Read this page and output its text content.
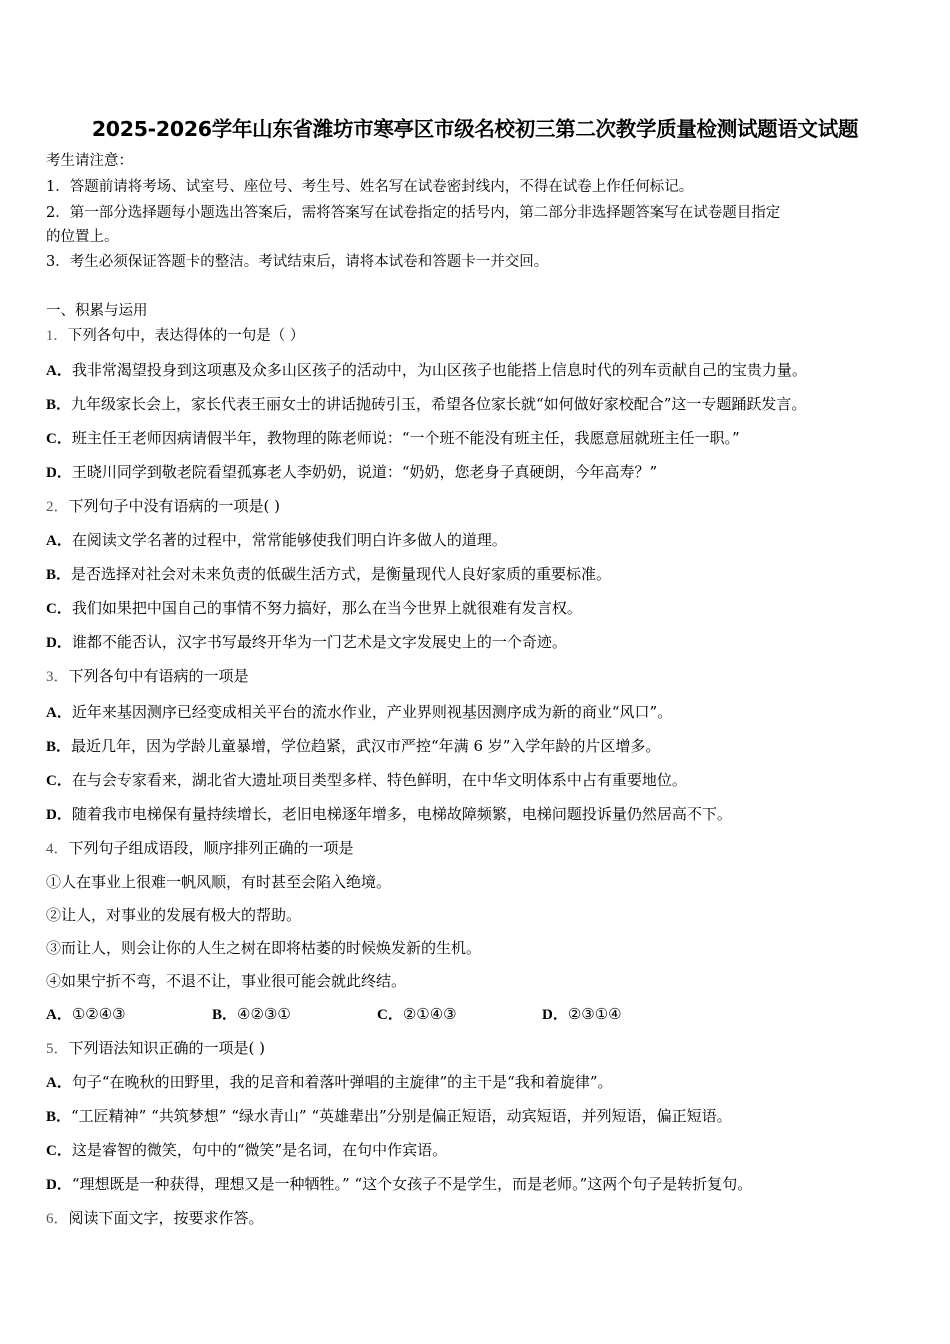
2025-2026学年山东省潍坊市寒亭区市级名校初三第二次教学质量检测试题语文试题
考生请注意：
1．答题前请将考场、试室号、座位号、考生号、姓名写在试卷密封线内，不得在试卷上作任何标记。
2．第一部分选择题每小题选出答案后，需将答案写在试卷指定的括号内，第二部分非选择题答案写在试卷题目指定
的位置上。
3．考生必须保证答题卡的整洁。考试结束后，请将本试卷和答题卡一并交回。
一、积累与运用
1．下列各句中，表达得体的一句是（ ）
A．我非常渴望投身到这项惠及众多山区孩子的活动中，为山区孩子也能搭上信息时代的列车贡献自己的宝贵力量。
B．九年级家长会上，家长代表王丽女士的讲话抛砖引玉，希望各位家长就“如何做好家校配合”这一专题踊跃发言。
C．班主任王老师因病请假半年，教物理的陈老师说：“一个班不能没有班主任，我愿意屈就班主任一职。”
D．王晓川同学到敬老院看望孤寡老人李奶奶，说道：“奶奶，您老身子真硬朗，今年高寿？”
2．下列句子中没有语病的一项是( )
A．在阅读文学名著的过程中，常常能够使我们明白许多做人的道理。
B．是否选择对社会对未来负责的低碳生活方式，是衡量现代人良好家质的重要标准。
C．我们如果把中国自己的事情不努力搞好，那么在当今世界上就很难有发言权。
D．谁都不能否认，汉字书写最终开华为一门艺术是文字发展史上的一个奇迹。
3．下列各句中有语病的一项是
A．近年来基因测序已经变成相关平台的流水作业，产业界则视基因测序成为新的商业“风口”。
B．最近几年，因为学龄儿童暴增，学位趋紧，武汉市严控“年满 6 岁”入学年龄的片区增多。
C．在与会专家看来，湖北省大遗址项目类型多样、特色鲜明，在中华文明体系中占有重要地位。
D．随着我市电梯保有量持续增长，老旧电梯逐年增多，电梯故障频繁，电梯问题投诉量仍然居高不下。
4．下列句子组成语段，顺序排列正确的一项是
①人在事业上很难一帆风顺，有时甚至会陷入绝境。
②让人，对事业的发展有极大的帮助。
③而让人，则会让你的人生之树在即将枯萎的时候焕发新的生机。
④如果宁折不弯，不退不让，事业很可能会就此终结。
A．①②④③	B．④②③①	C．②①④③	D．②③①④
5．下列语法知识正确的一项是( )
A．句子“在晚秋的田野里，我的足音和着落叶弹唱的主旋律”的主干是“我和着旋律”。
B．“工匠精神” “共筑梦想” “绿水青山” “英雄辈出”分别是偏正短语，动宾短语，并列短语，偏正短语。
C．这是睿智的微笑，句中的“微笑”是名词，在句中作宾语。
D．“理想既是一种获得，理想又是一种牺牲。” “这个女孩子不是学生，而是老师。”这两个句子是转折复句。
6．阅读下面文字，按要求作答。
